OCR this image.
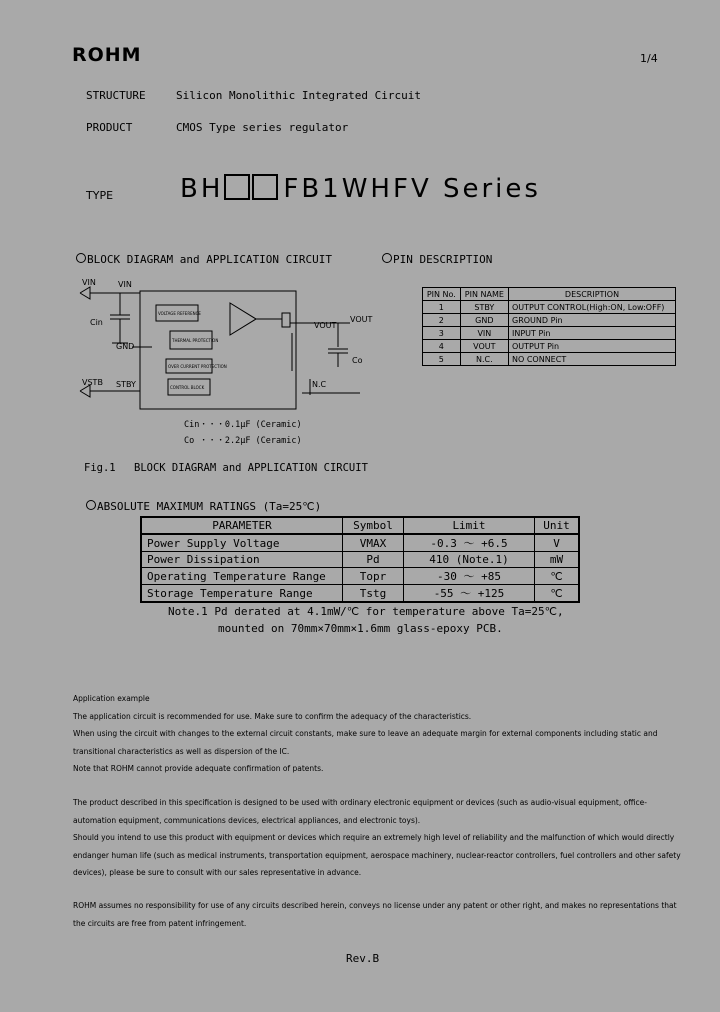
ROHM	1/4
STRUCTURE	Silicon Monolithic Integrated Circuit
PRODUCT	CMOS Type series regulator
TYPE	BH FB1WHFV Series
BLOCK DIAGRAM and APPLICATION CIRCUIT	PIN DESCRIPTION
VIN	VIN
Cin
GND
VSTB STBY
VOUT
VOUT
Co
N.C
VOLTAGE REFERENCE
THERMAL PROTECTION
OVER CURRENT PROTECTION
CONTROL BLOCK
Cin・・・0.1μF (Ceramic)
Co ・・・2.2μF (Ceramic)
Fig.1 BLOCK DIAGRAM and APPLICATION CIRCUIT
PIN No.	PIN NAME	DESCRIPTION
1	STBY	OUTPUT CONTROL(High:ON, Low:OFF)
2	GND	GROUND Pin
3	VIN	INPUT Pin
4	VOUT	OUTPUT Pin
5	N.C.	NO CONNECT
ABSOLUTE MAXIMUM RATINGS (Ta=25℃)
PARAMETER	Symbol	Limit	Unit
Power Supply Voltage	VMAX	-0.3 ～ +6.5	V
Power Dissipation	Pd	410 (Note.1)	mW
Operating Temperature Range	Topr	-30 ～ +85	℃
Storage Temperature Range	Tstg	-55 ～ +125	℃
Note.1 Pd derated at 4.1mW/℃ for temperature above Ta=25℃,
mounted on 70mm×70mm×1.6mm glass-epoxy PCB.
Application example
The application circuit is recommended for use. Make sure to confirm the adequacy of the characteristics.
When using the circuit with changes to the external circuit constants, make sure to leave an adequate margin for external components including static and
transitional characteristics as well as dispersion of the IC.
Note that ROHM cannot provide adequate confirmation of patents.

The product described in this specification is designed to be used with ordinary electronic equipment or devices (such as audio-visual equipment, office-automation equipment, communications devices, electrical appliances, and electronic toys).

Should you intend to use this product with equipment or devices which require an extremely high level of reliability and the malfunction of which would directly endanger human life (such as medical instruments, transportation equipment, aerospace machinery, nuclear-reactor controllers, fuel controllers and other safety devices), please be sure to consult with our sales representative in advance.

ROHM assumes no responsibility for use of any circuits described herein, conveys no license under any patent or other right, and makes no representations that the circuits are free from patent infringement.

Rev.B
